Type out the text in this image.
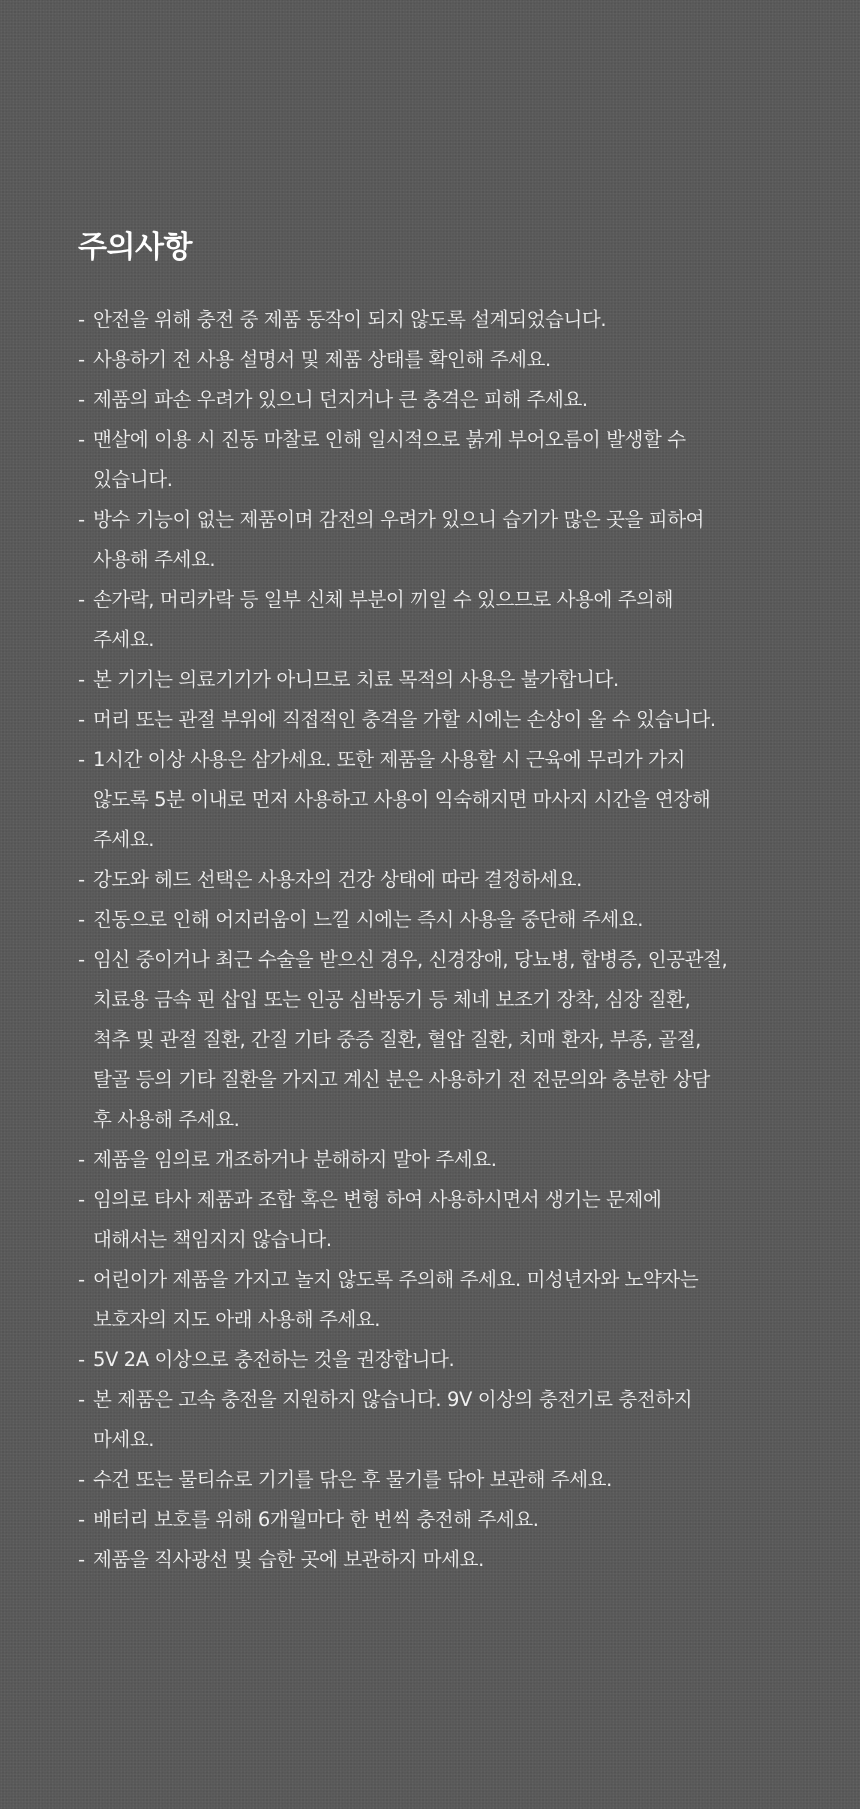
주의사항
- 안전을 위해 충전 중 제품 동작이 되지 않도록 설계되었습니다.
- 사용하기 전 사용 설명서 및 제품 상태를 확인해 주세요.
- 제품의 파손 우려가 있으니 던지거나 큰 충격은 피해 주세요.
- 맨살에 이용 시 진동 마찰로 인해 일시적으로 붉게 부어오름이 발생할 수
있습니다.
- 방수 기능이 없는 제품이며 감전의 우려가 있으니 습기가 많은 곳을 피하여
사용해 주세요.
- 손가락, 머리카락 등 일부 신체 부분이 끼일 수 있으므로 사용에 주의해
주세요.
- 본 기기는 의료기기가 아니므로 치료 목적의 사용은 불가합니다.
- 머리 또는 관절 부위에 직접적인 충격을 가할 시에는 손상이 올 수 있습니다.
- 1시간 이상 사용은 삼가세요. 또한 제품을 사용할 시 근육에 무리가 가지
않도록 5분 이내로 먼저 사용하고 사용이 익숙해지면 마사지 시간을 연장해
주세요.
- 강도와 헤드 선택은 사용자의 건강 상태에 따라 결정하세요.
- 진동으로 인해 어지러움이 느낄 시에는 즉시 사용을 중단해 주세요.
- 임신 중이거나 최근 수술을 받으신 경우, 신경장애, 당뇨병, 합병증, 인공관절,
치료용 금속 핀 삽입 또는 인공 심박동기 등 체네 보조기 장착, 심장 질환,
척추 및 관절 질환, 간질 기타 중증 질환, 혈압 질환, 치매 환자, 부종, 골절,
탈골 등의 기타 질환을 가지고 계신 분은 사용하기 전 전문의와 충분한 상담
후 사용해 주세요.
- 제품을 임의로 개조하거나 분해하지 말아 주세요.
- 임의로 타사 제품과 조합 혹은 변형 하여 사용하시면서 생기는 문제에
대해서는 책임지지 않습니다.
- 어린이가 제품을 가지고 놀지 않도록 주의해 주세요. 미성년자와 노약자는
보호자의 지도 아래 사용해 주세요.
- 5V 2A 이상으로 충전하는 것을 권장합니다.
- 본 제품은 고속 충전을 지원하지 않습니다. 9V 이상의 충전기로 충전하지
마세요.
- 수건 또는 물티슈로 기기를 닦은 후 물기를 닦아 보관해 주세요.
- 배터리 보호를 위해 6개월마다 한 번씩 충전해 주세요.
- 제품을 직사광선 및 습한 곳에 보관하지 마세요.
